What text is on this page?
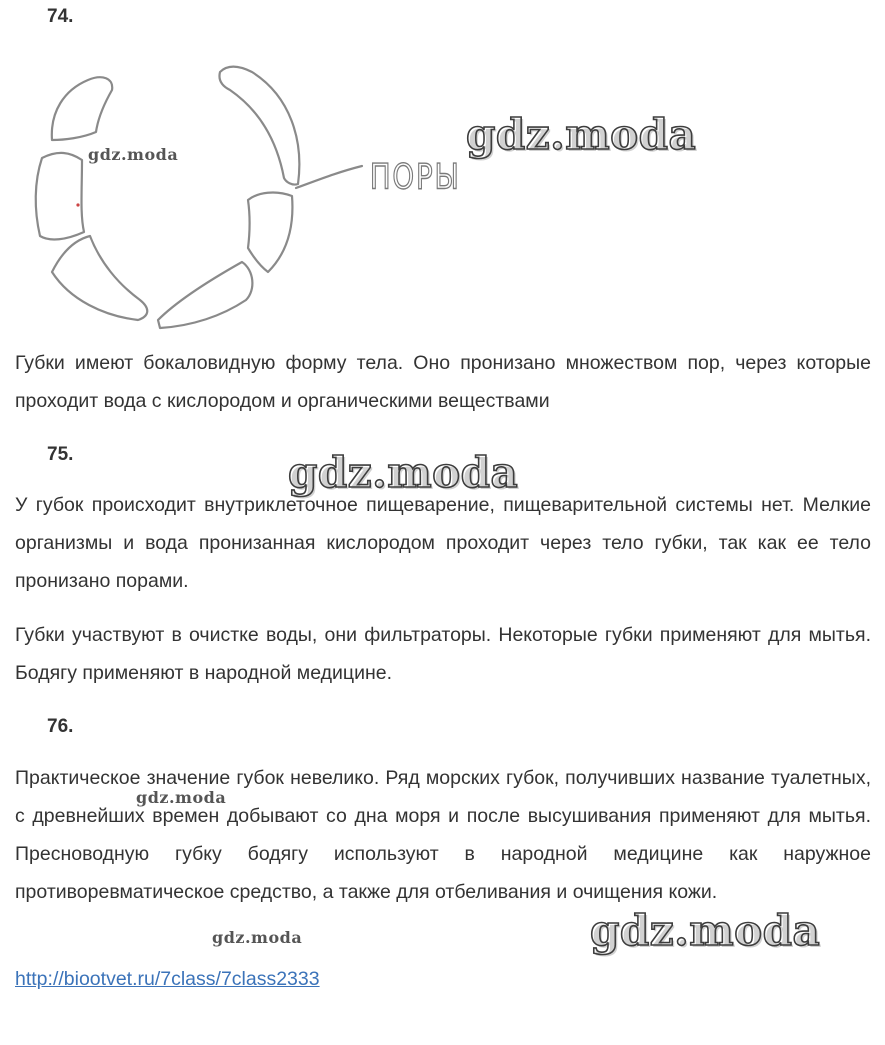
74.
ПОРЫ
gdz.moda	gdz.moda
Губки имеют бокаловидную форму тела. Оно пронизано множеством пор, через которые проходит вода с кислородом и органическими веществами
75.	gdz.moda
У губок происходит внутриклеточное пищеварение, пищеварительной системы нет. Мелкие организмы и вода пронизанная кислородом проходит через тело губки, так как ее тело пронизано порами.
Губки участвуют в очистке воды, они фильтраторы. Некоторые губки применяют для мытья. Бодягу применяют в народной медицине.
76.
Практическое значение губок невелико. Ряд морских губок, получивших название туалетных, с древнейших времен добывают со дна моря и после высушивания применяют для мытья. Пресноводную губку бодягу используют в народной медицине как наружное противоревматическое средство, а также для отбеливания и очищения кожи.
gdz.moda
gdz.moda	gdz.moda
http://biootvet.ru/7class/7class2333
